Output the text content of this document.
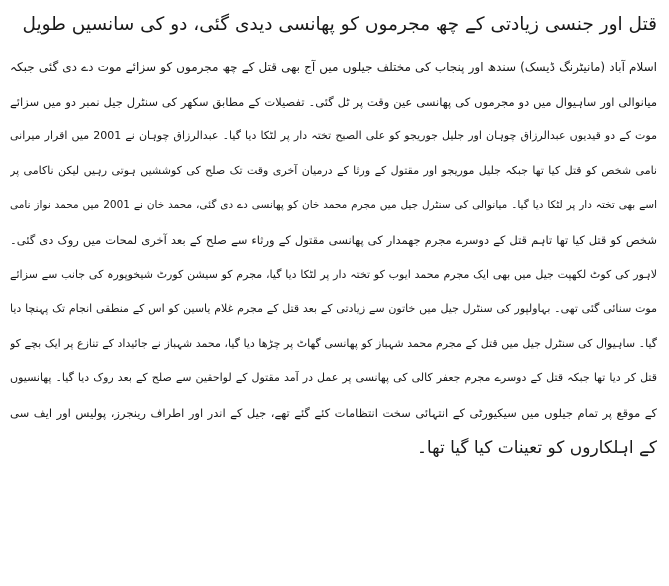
قتل اور جنسی زیادتی کے چھ مجرموں کو پھانسی دیدی گئی، دو کی سانسیں طویل
اسلام آباد (مانیٹرنگ ڈیسک) سندھ اور پنجاب کی مختلف جیلوں میں آج بھی قتل کے چھ مجرموں کو سزائے موت دے دی گئی جبکہ
میانوالی اور ساہیوال میں دو مجرموں کی پھانسی عین وقت پر ٹل گئی۔ تفصیلات کے مطابق سکھر کی سنٹرل جیل نمبر دو میں سزائے
موت کے دو قیدیوں عبدالرزاق چوہان اور جلیل جوریجو کو علی الصبح تختہ دار پر لٹکا دیا گیا۔ عبدالرزاق چوہان نے 2001 میں اقرار میرانی
نامی شخص کو قتل کیا تھا جبکہ جلیل موریجو اور مقتول کے ورثا کے درمیان آخری وقت تک صلح کی کوششیں ہوتی رہیں لیکن ناکامی پر
اسے بھی تختہ دار پر لٹکا دیا گیا۔ میانوالی کی سنٹرل جیل میں مجرم محمد خان کو پھانسی دے دی گئی، محمد خان نے 2001 میں محمد نواز نامی
شخص کو قتل کیا تھا تاہم قتل کے دوسرے مجرم جھمدار کی پھانسی مقتول کے ورثاء سے صلح کے بعد آخری لمحات میں روک دی گئی۔
لاہور کی کوٹ لکھپت جیل میں بھی ایک مجرم محمد ایوب کو تختہ دار پر لٹکا دیا گیا، مجرم کو سیشن کورٹ شیخوپورہ کی جانب سے سزائے
موت سنائی گئی تھی۔ بہاولپور کی سنٹرل جیل میں خاتون سے زیادتی کے بعد قتل کے مجرم غلام یاسین کو اس کے منطقی انجام تک پہنچا دیا
گیا۔ ساہیوال کی سنٹرل جیل میں قتل کے مجرم محمد شہباز کو پھانسی گھاٹ پر چڑھا دیا گیا، محمد شہباز نے جائیداد کے تنازع پر ایک بچے کو
قتل کر دیا تھا جبکہ قتل کے دوسرے مجرم جعفر کالی کی پھانسی پر عمل در آمد مقتول کے لواحقین سے صلح کے بعد روک دیا گیا۔ پھانسیوں
کے موقع پر تمام جیلوں میں سیکیورٹی کے انتہائی سخت انتظامات کئے گئے تھے، جیل کے اندر اور اطراف رینجرز، پولیس اور ایف سی
کے اہلکاروں کو تعینات کیا گیا تھا۔
